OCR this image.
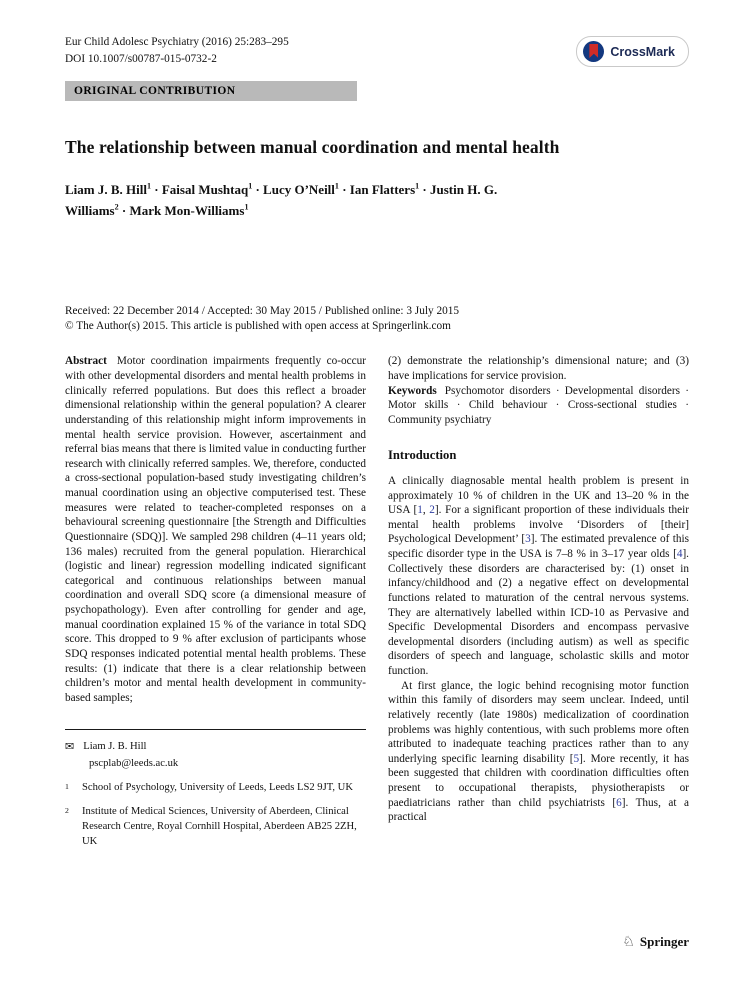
Eur Child Adolesc Psychiatry (2016) 25:283–295
DOI 10.1007/s00787-015-0732-2
CrossMark
ORIGINAL CONTRIBUTION
The relationship between manual coordination and mental health
Liam J. B. Hill$^1$ · Faisal Mushtaq$^1$ · Lucy O’Neill$^1$ · Ian Flatters$^1$ · Justin H. G. Williams$^2$ · Mark Mon-Williams$^1$
Received: 22 December 2014 / Accepted: 30 May 2015 / Published online: 3 July 2015
© The Author(s) 2015. This article is published with open access at Springerlink.com

Abstract Motor coordination impairments frequently co-occur with other developmental disorders and mental health problems in clinically referred populations. But does this reflect a broader dimensional relationship within the general population? A clearer understanding of this relationship might inform improvements in mental health service provision. However, ascertainment and referral bias means that there is limited value in conducting further research with clinically referred samples. We, therefore, conducted a cross-sectional population-based study investigating children’s manual coordination using an objective computerised test. These measures were related to teacher-completed responses on a behavioural screening questionnaire [the Strength and Difficulties Questionnaire (SDQ)]. We sampled 298 children (4–11 years old; 136 males) recruited from the general population. Hierarchical (logistic and linear) regression modelling indicated significant categorical and continuous relationships between manual coordination and overall SDQ score (a dimensional measure of psychopathology). Even after controlling for gender and age, manual coordination explained 15 % of the variance in total SDQ score. This dropped to 9 % after exclusion of participants whose SDQ responses indicated potential mental health problems. These results: (1) indicate that there is a clear relationship between children’s motor and mental health development in community-based samples;

✉ Liam J. B. Hill
pscplab@leeds.ac.uk
1	School of Psychology, University of Leeds, Leeds LS2 9JT, UK
2	Institute of Medical Sciences, University of Aberdeen, Clinical Research Centre, Royal Cornhill Hospital, Aberdeen AB25 2ZH, UK

(2) demonstrate the relationship’s dimensional nature; and (3) have implications for service provision.

Keywords Psychomotor disorders · Developmental disorders · Motor skills · Child behaviour · Cross-sectional studies · Community psychiatry

Introduction

A clinically diagnosable mental health problem is present in approximately 10 % of children in the UK and 13–20 % in the USA [1, 2]. For a significant proportion of these individuals their mental health problems involve ‘Disorders of [their] Psychological Development’ [3]. The estimated prevalence of this specific disorder type in the USA is 7–8 % in 3–17 year olds [4]. Collectively these disorders are characterised by: (1) onset in infancy/childhood and (2) a negative effect on developmental functions related to maturation of the central nervous systems. They are alternatively labelled within ICD-10 as Pervasive and Specific Developmental Disorders and encompass pervasive developmental disorders (including autism) as well as specific disorders of speech and language, scholastic skills and motor function.

At first glance, the logic behind recognising motor function within this family of disorders may seem unclear. Indeed, until relatively recently (late 1980s) medicalization of coordination problems was highly contentious, with such problems more often attributed to inadequate teaching practices rather than to any underlying specific learning disability [5]. More recently, it has been suggested that children with coordination difficulties often present to occupational therapists, physiotherapists or paediatricians rather than child psychiatrists [6]. Thus, at a practical

♘ Springer
